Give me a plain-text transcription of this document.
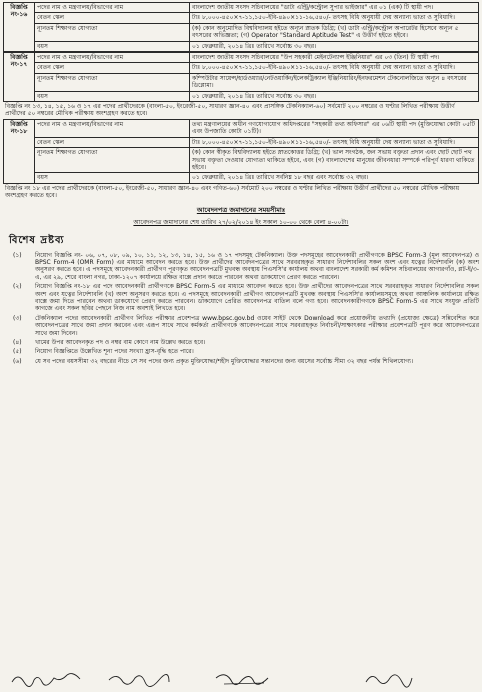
বিজ্ঞপ্তি নং-১৬	পদের নাম ও মন্ত্রণালয়/বিভাগের নাম	বাংলাদেশ জাতীয় সংসদ সচিবালয়ের "ডাটা এন্ট্রি/কন্ট্রোল সুপার ভাইজার" এর ০১ (এক) টি স্থায়ী পদ।
	বেতন স্কেল	টাঃ ৮,০০০-৪৫০×৭-১১,১৫০-ইবি-৪৯০×১১-১৬,৫৪০/- তৎসহ বিধি অনুযায়ী দেয় অন্যান্য ভাতা ও সুবিধাদি।
	ন্যূনতম শিক্ষাগত যোগ্যতা	(ক) কোন অনুমোদিত বিশ্ববিদ্যালয় হইতে অন্যূন স্নাতক ডিগ্রি; (খ) ডাটা এন্ট্রি/কন্ট্রোল অপারেটর হিসেবে অন্যূন ৫ বৎসরের অভিজ্ঞতা; (গ) Operator "Standard Aptitude Test" এ উত্তীর্ণ হইতে হইবে।
	বয়স	০১ ফেব্রুয়ারী, ২০১৪ খ্রিঃ তারিখে সর্বোচ্চ ৩০ বছর।
বিজ্ঞপ্তি নং-১৭	পদের নাম ও মন্ত্রণালয়/বিভাগের নাম	বাংলাদেশ জাতীয় সংসদ সচিবালয়ের "উপ সহকারী মেইনটেন্যান্স ইঞ্জিনিয়ার" এর ০৩ (তিন) টি স্থায়ী পদ।
	বেতন স্কেল	টাঃ ৮,০০০-৪৫০×৭-১১,১৫০-ইবি-৪৯০×১১-১৬,৫৪০/- তৎসহ বিধি অনুযায়ী দেয় অন্যান্য ভাতা ও সুবিধাদি।
	ন্যূনতম শিক্ষাগত যোগ্যতা	কম্পিউটার সায়েন্স/হার্ডওয়্যার/নেটওয়ার্কিং/ইলেকট্রিক্যাল ইঞ্জিনিয়ারিং/ইনফরমেশন টেকনোলজিতে অন্যূন ৪ বৎসরের ডিপ্লোমা।
	বয়স	০১ ফেব্রুয়ারী, ২০১৪ খ্রিঃ তারিখে সর্বোচ্চ ৩০ বছর।

বিজ্ঞপ্তি নং ১৩, ১৪, ১৫, ১৬ ও ১৭ এর পদের প্রার্থীদেরকে (বাংলা-৫০, ইংরেজী-৫০, সাধারণ জ্ঞান-৪০ এবং প্রাসঙ্গিক টেকনিক্যাল-৬০) সর্বমোট ২০০ নম্বরের ও ঘণ্টার লিখিত পরীক্ষায় উত্তীর্ণ প্রার্থীদের ৫০ নম্বরের মৌখিক পরীক্ষায় অংশগ্রহণ করতে হবে।

বিজ্ঞপ্তি নং-১৮	পদের নাম ও মন্ত্রণালয়/বিভাগের নাম	তথ্য মন্ত্রণালয়ের অধীন গণযোগাযোগ অধিদপ্তরের "সহকারী তথ্য অফিসার" এর ০৬টি স্থায়ী পদ (মুক্তিযোদ্ধা কোটা ০৫টি এবং উপজাতি কোটা ০১টি)।
	বেতন স্কেল	টাঃ ৮,০০০-৪৫০×৭-১১,১৫০-ইবি-৪৯০×১১-১৬,৫৪০/- তৎসহ বিধি অনুযায়ী দেয় অন্যান্য ভাতা ও সুবিধাদি।
	ন্যূনতম শিক্ষাগত যোগ্যতা	(ক) কোন স্বীকৃত বিশ্ববিদ্যালয় হইতে স্নাতকোত্তর ডিগ্রি; (খ) ভাল সংগঠক, জন সভায় বক্তৃতা প্রদান এবং ছোট ছোট পথ সভায় বক্তৃতা দেওয়ার যোগ্যতা থাকিতে হইবে, এবং (গ) বাংলাদেশের মানুষের জীবনধারা সম্পর্কে পরিপূর্ণ ধারণা থাকিতে হইবে।
	বয়স	০১ ফেব্রুয়ারী, ২০১৪ খ্রিঃ তারিখে সর্বনিম্ন ১৮ বছর এবং সর্বোচ্চ ৩২ বছর।

বিজ্ঞপ্তি নং ১৮ এর পদের প্রার্থীদেরকে (বাংলা-৫০, ইংরেজী-৫০, সাধারণ জ্ঞান-৪০ এবং গণিত-৬০) সর্বমোট ২০০ নম্বরের ও ঘণ্টার লিখিত পরীক্ষায় উত্তীর্ণ প্রার্থীদের ৫০ নম্বরের মৌখিক পরীক্ষায় অংশগ্রহণ করতে হবে।

আবেদনপত্র জমাদানের সময়সীমাঃ
আবেদনপত্র জমাদানের শেষ তারিখ ২৭/০২/২০১৪ ইং সকাল ১০-০০ থেকে বেলা ৪-০০টা।
বিশেষ দ্রষ্টব্য
(১)	নিয়োগ বিজ্ঞপ্তি নং- ০৬, ০৭, ০৮, ০৯, ১০, ১১, ১২, ১৩, ১৪, ১৫, ১৬ ও ১৭ পদসমূহ টেকনিক্যাল। উক্ত পদসমূহের আবেদনকারী প্রার্থীগণকে BPSC Form-3 (মূল আবেদনপত্র) ও BPSC Form-4 (OMR Form) এর মাধ্যমে আবেদন করতে হবে। উক্ত প্রার্থীদের আবেদনপত্রের সাথে সরবরাহকৃত সাধারণ নির্দেশাবলির সকল অংশ এবং যত্নের নির্দেশাবলি (ক) অংশ অনুসরণ করতে হবে। এ পদসমূহে আবেদনকারী প্রার্থীগণ পূরণকৃত আবেদনপত্রটি মুখবন্ধ অবস্থায় পিএসসি'র কার্যালয় অথবা বাংলাদেশ সরকারী কর্ম কমিশন সচিবালয়ের আগারগাঁও, প্লট-ই/৩-এ, এর ২৯, শেরে বাংলা নগর, ঢাকা-১২০৭ কার্যালয়ে রক্ষিত বাক্সে প্রদান করতে পারবেন অথবা ডাকযোগে প্রেরণ করতে পারবেন।
(২)	নিয়োগ বিজ্ঞপ্তি নং-১৮ এর পদে আবেদনকারী প্রার্থীগণকে BPSC Form-5 এর মাধ্যমে আবেদন করতে হবে। উক্ত প্রার্থীদের আবেদনপত্রের সাথে সরবরাহকৃত সাধারণ নির্দেশাবলির সকল অংশ এবং যত্নের নির্দেশাবলি (খ) অংশ অনুসরণ করতে হবে। এ পদসমূহে আবেদনকারী প্রার্থীগণ আবেদনপত্রটি মুখবন্ধ অবস্থায় পিএসসি'র কার্যালয়সমূহে অথবা আঞ্চলিক কার্যালয়ে রক্ষিত বাক্সে জমা দিতে পারবেন অথবা ডাকযোগে প্রেরণ করতে পারবেন। ডাকযোগে প্রেরিত আবেদনপত্র বাতিল বলে গণ্য হবে। আবেদনকারীগণকে BPSC Form-5 এর সাথে সংযুক্ত প্রতিটি কাগজে এবং সকল ছবির পেছনে নিজ নাম অবশ্যই লিখতে হবে।
(৩)	টেকনিক্যাল পদের আবেদনকারী প্রার্থীগণ লিখিত পরীক্ষার প্রবেশপত্র www.bpsc.gov.bd ওয়েব সাইট থেকে Download করে প্রয়োজনীয় তথ্যাদি (প্রযোজ্য ক্ষেত্রে) সন্নিবেশিত করে আবেদনপত্রের সাথে জমা প্রদান করবেন এবং এরূপ সাথে সাথে কর্মকর্তা প্রার্থীগণকে আবেদনপত্রের সাথে সরবরাহকৃত নির্বাচনী/সাক্ষাৎকার পরীক্ষার প্রবেশপত্রটি পূরণ করে আবেদনপত্রের সাথে জমা দিবেন।
(৪)	খামের উপর আবেদনকৃত পদ ও নম্বর বাম কোণে নাম উল্লেখ করতে হবে।
(৫)	নিয়োগ বিজ্ঞপ্তিতে উল্লেখিত শূন্য পদের সংখ্যা হ্রাস-বৃদ্ধি হতে পারে।
(৬)	যে সব পদের বয়সসীমা ৩২ বছরের নীচে সে সব পদের জন্য প্রকৃত মুক্তিযোদ্ধা/শহীদ মুক্তিযোদ্ধার সন্তানদের জন্য বয়সের সর্বোচ্চ সীমা ৩২ বছর পর্যন্ত শিথিলযোগ্য।
